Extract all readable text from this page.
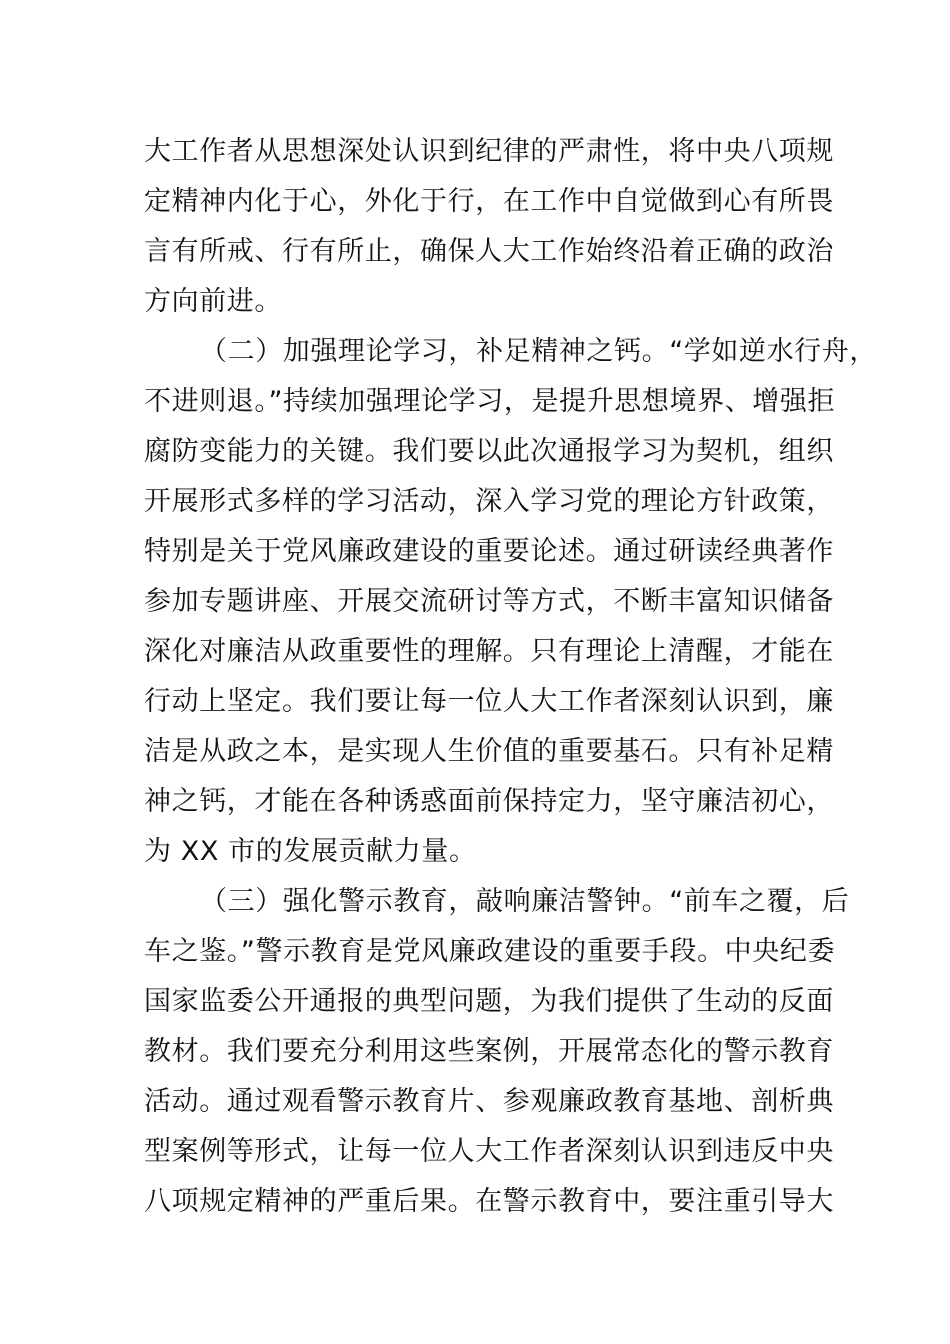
大工作者从思想深处认识到纪律的严肃性，将中央八项规
定精神内化于心，外化于行，在工作中自觉做到心有所畏
言有所戒、行有所止，确保人大工作始终沿着正确的政治
方向前进。
（二）加强理论学习，补足精神之钙。“学如逆水行舟，
不进则退。”持续加强理论学习，是提升思想境界、增强拒
腐防变能力的关键。我们要以此次通报学习为契机，组织
开展形式多样的学习活动，深入学习党的理论方针政策，
特别是关于党风廉政建设的重要论述。通过研读经典著作
参加专题讲座、开展交流研讨等方式，不断丰富知识储备
深化对廉洁从政重要性的理解。只有理论上清醒，才能在
行动上坚定。我们要让每一位人大工作者深刻认识到，廉
洁是从政之本，是实现人生价值的重要基石。只有补足精
神之钙，才能在各种诱惑面前保持定力，坚守廉洁初心，
为 XX 市的发展贡献力量。
（三）强化警示教育，敲响廉洁警钟。“前车之覆，后
车之鉴。”警示教育是党风廉政建设的重要手段。中央纪委
国家监委公开通报的典型问题，为我们提供了生动的反面
教材。我们要充分利用这些案例，开展常态化的警示教育
活动。通过观看警示教育片、参观廉政教育基地、剖析典
型案例等形式，让每一位人大工作者深刻认识到违反中央
八项规定精神的严重后果。在警示教育中，要注重引导大
